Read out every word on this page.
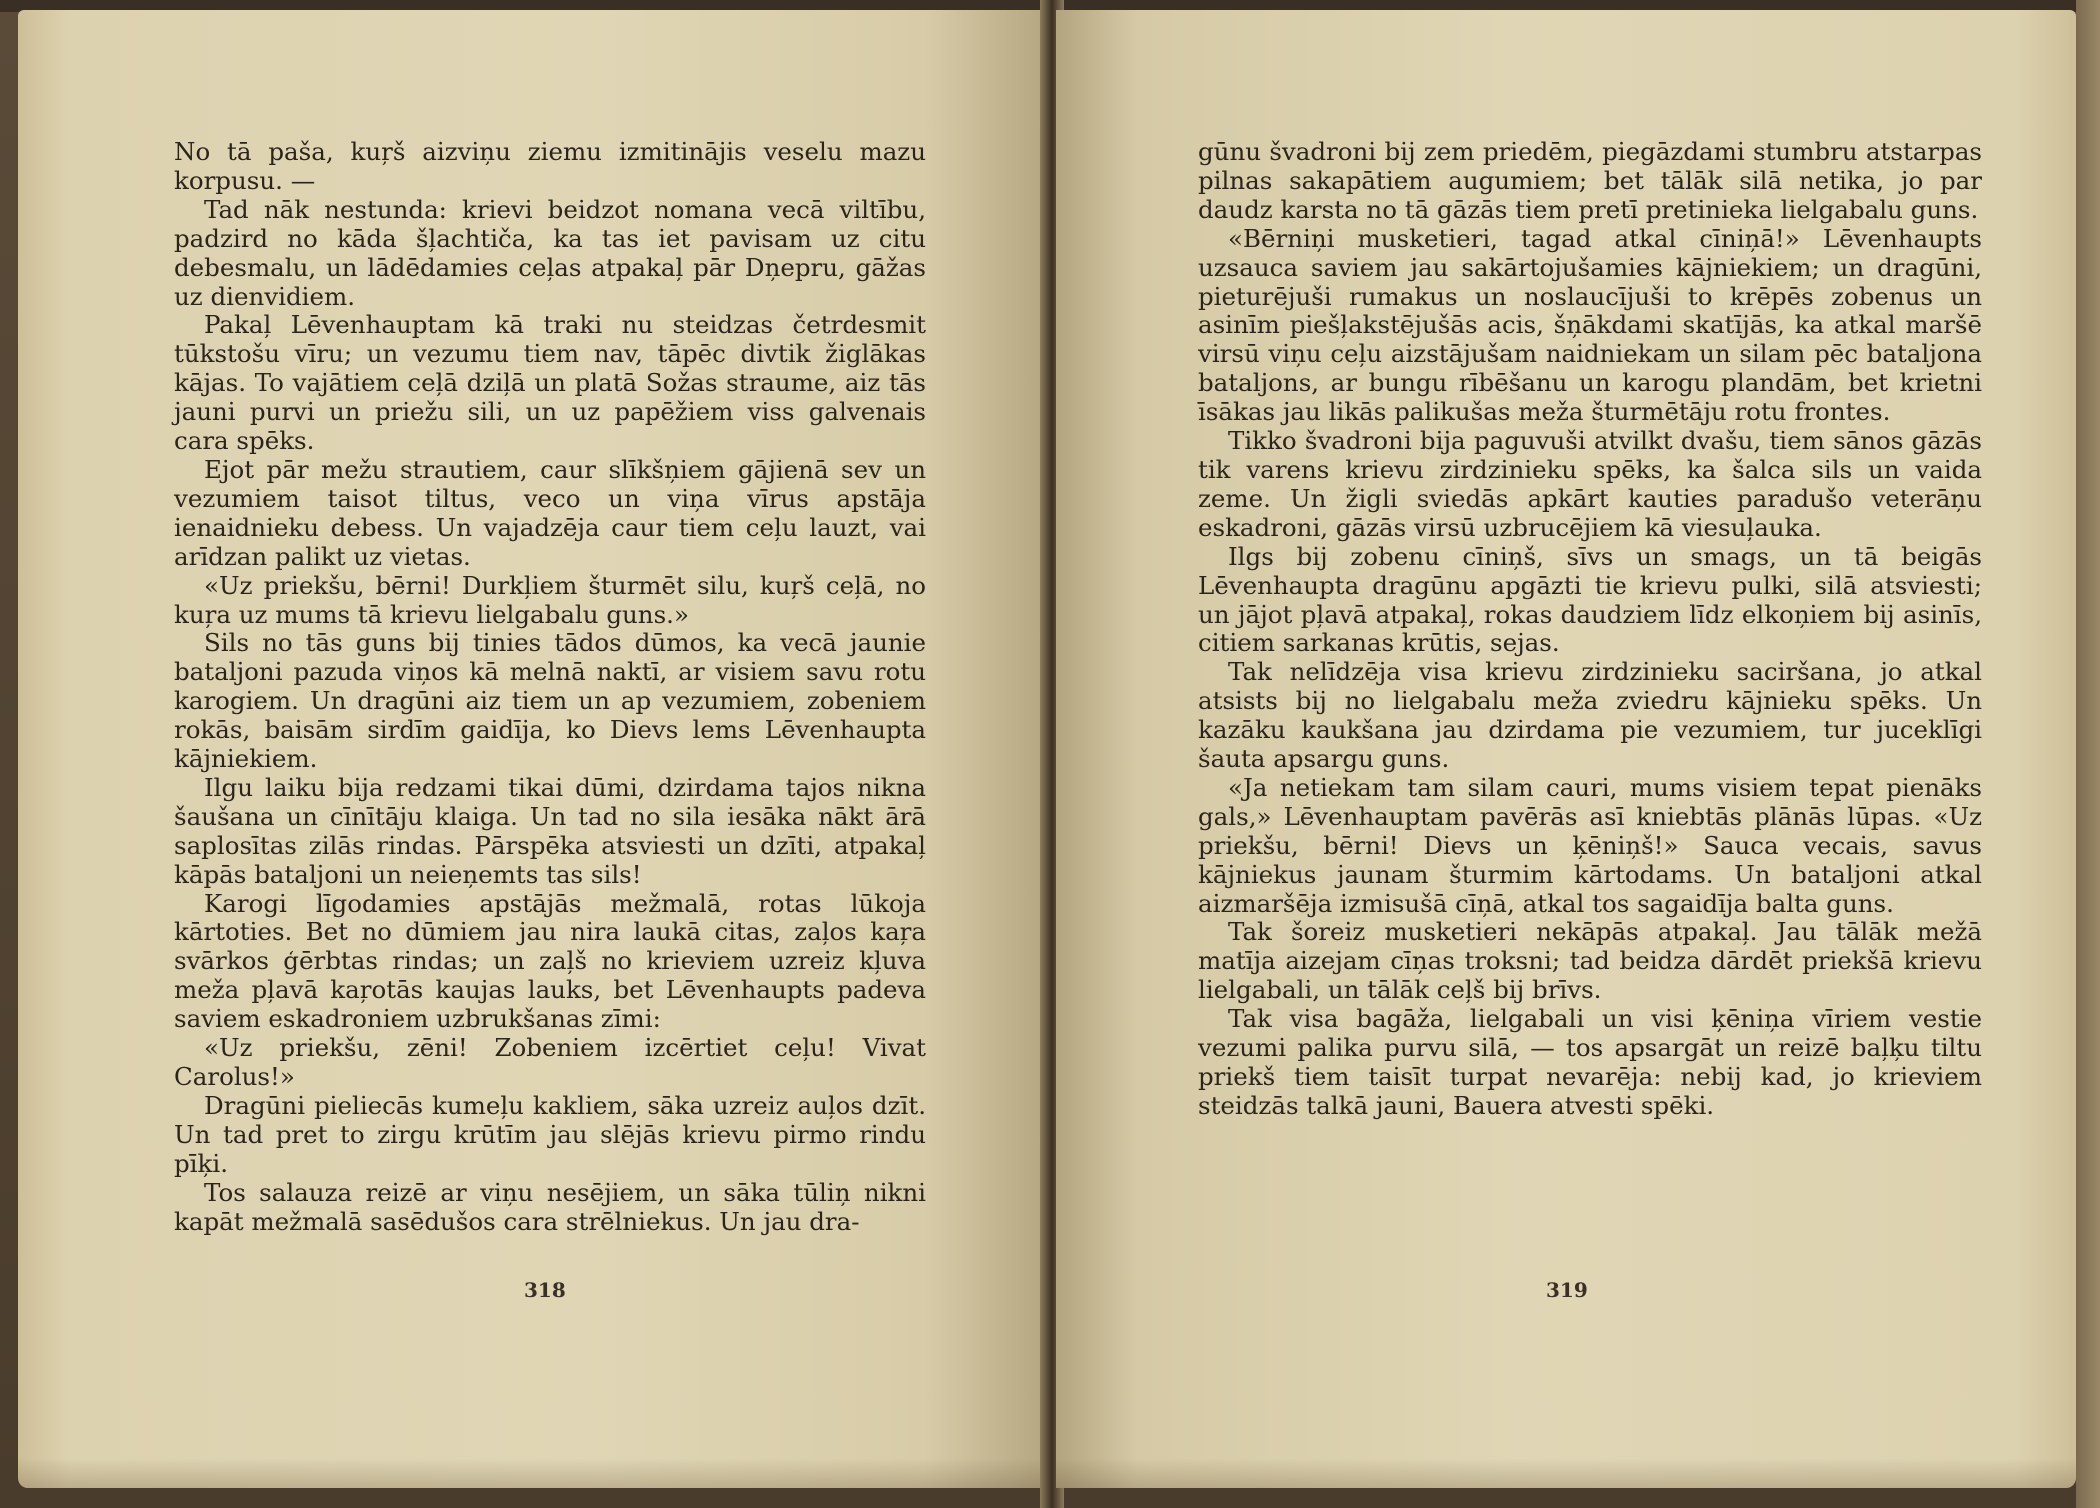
No tā paša, kuŗš aizviņu ziemu izmitinājis veselu mazu korpusu. —

Tad nāk nestunda: krievi beidzot nomana vecā viltību, padzird no kāda šļachtiča, ka tas iet pavisam uz citu debesmalu, un lādēdamies ceļas atpakaļ pār Dņepru, gāžas uz dienvidiem.

Pakaļ Lēvenhauptam kā traki nu steidzas četrdesmit tūkstošu vīru; un vezumu tiem nav, tāpēc divtik žiglākas kājas. To vajātiem ceļā dziļā un platā Sožas straume, aiz tās jauni purvi un priežu sili, un uz papēžiem viss galvenais cara spēks.

Ejot pār mežu strautiem, caur slīkšņiem gājienā sev un vezumiem taisot tiltus, veco un viņa vīrus apstāja ienaidnieku debess. Un vajadzēja caur tiem ceļu lauzt, vai arīdzan palikt uz vietas.

«Uz priekšu, bērni! Durkļiem šturmēt silu, kuŗš ceļā, no kuŗa uz mums tā krievu lielgabalu guns.»

Sils no tās guns bij tinies tādos dūmos, ka vecā jaunie bataljoni pazuda viņos kā melnā naktī, ar visiem savu rotu karogiem. Un dragūni aiz tiem un ap vezumiem, zobeniem rokās, baisām sirdīm gaidīja, ko Dievs lems Lēvenhaupta kājniekiem.

Ilgu laiku bija redzami tikai dūmi, dzirdama tajos nikna šaušana un cīnītāju klaiga. Un tad no sila iesāka nākt ārā saplosītas zilās rindas. Pārspēka atsviesti un dzīti, atpakaļ kāpās bataljoni un neieņemts tas sils!

Karogi līgodamies apstājās mežmalā, rotas lūkoja kārtoties. Bet no dūmiem jau nira laukā citas, zaļos kaŗa svārkos ģērbtas rindas; un zaļš no krieviem uzreiz kļuva meža pļavā kaŗotās kaujas lauks, bet Lēvenhaupts padeva saviem eskadroniem uzbrukšanas zīmi:

«Uz priekšu, zēni! Zobeniem izcērtiet ceļu! Vivat Carolus!»

Dragūni pieliecās kumeļu kakliem, sāka uzreiz auļos dzīt. Un tad pret to zirgu krūtīm jau slējās krievu pirmo rindu pīķi.

Tos salauza reizē ar viņu nesējiem, un sāka tūliņ nikni kapāt mežmalā sasēdušos cara strēlniekus. Un jau dra-

318

gūnu švadroni bij zem priedēm, piegāzdami stumbru atstarpas pilnas sakapātiem augumiem; bet tālāk silā netika, jo par daudz karsta no tā gāzās tiem pretī pretinieka lielgabalu guns.

«Bērniņi musketieri, tagad atkal cīniņā!» Lēvenhaupts uzsauca saviem jau sakārtojušamies kājniekiem; un dragūni, pieturējuši rumakus un noslaucījuši to krēpēs zobenus un asinīm piešļakstējušās acis, šņākdami skatījās, ka atkal maršē virsū viņu ceļu aizstājušam naidniekam un silam pēc bataljona bataljons, ar bungu rībēšanu un karogu plandām, bet krietni īsākas jau likās palikušas meža šturmētāju rotu frontes.

Tikko švadroni bija paguvuši atvilkt dvašu, tiem sānos gāzās tik varens krievu zirdzinieku spēks, ka šalca sils un vaida zeme. Un žigli sviedās apkārt kauties paradušo veterāņu eskadroni, gāzās virsū uzbrucējiem kā viesuļauka.

Ilgs bij zobenu cīniņš, sīvs un smags, un tā beigās Lēvenhaupta dragūnu apgāzti tie krievu pulki, silā atsviesti; un jājot pļavā atpakaļ, rokas daudziem līdz elkoņiem bij asinīs, citiem sarkanas krūtis, sejas.

Tak nelīdzēja visa krievu zirdzinieku saciršana, jo atkal atsists bij no lielgabalu meža zviedru kājnieku spēks. Un kazāku kaukšana jau dzirdama pie vezumiem, tur juceklīgi šauta apsargu guns.

«Ja netiekam tam silam cauri, mums visiem tepat pienāks gals,» Lēvenhauptam pavērās asī kniebtās plānās lūpas. «Uz priekšu, bērni! Dievs un ķēniņš!» Sauca vecais, savus kājniekus jaunam šturmim kārtodams. Un bataljoni atkal aizmaršēja izmisušā cīņā, atkal tos sagaidīja balta guns.

Tak šoreiz musketieri nekāpās atpakaļ. Jau tālāk mežā matīja aizejam cīņas troksni; tad beidza dārdēt priekšā krievu lielgabali, un tālāk ceļš bij brīvs.

Tak visa bagāža, lielgabali un visi ķēniņa vīriem vestie vezumi palika purvu silā, — tos apsargāt un reizē baļķu tiltu priekš tiem taisīt turpat nevarēja: nebij kad, jo krieviem steidzās talkā jauni, Bauera atvesti spēki.

319
